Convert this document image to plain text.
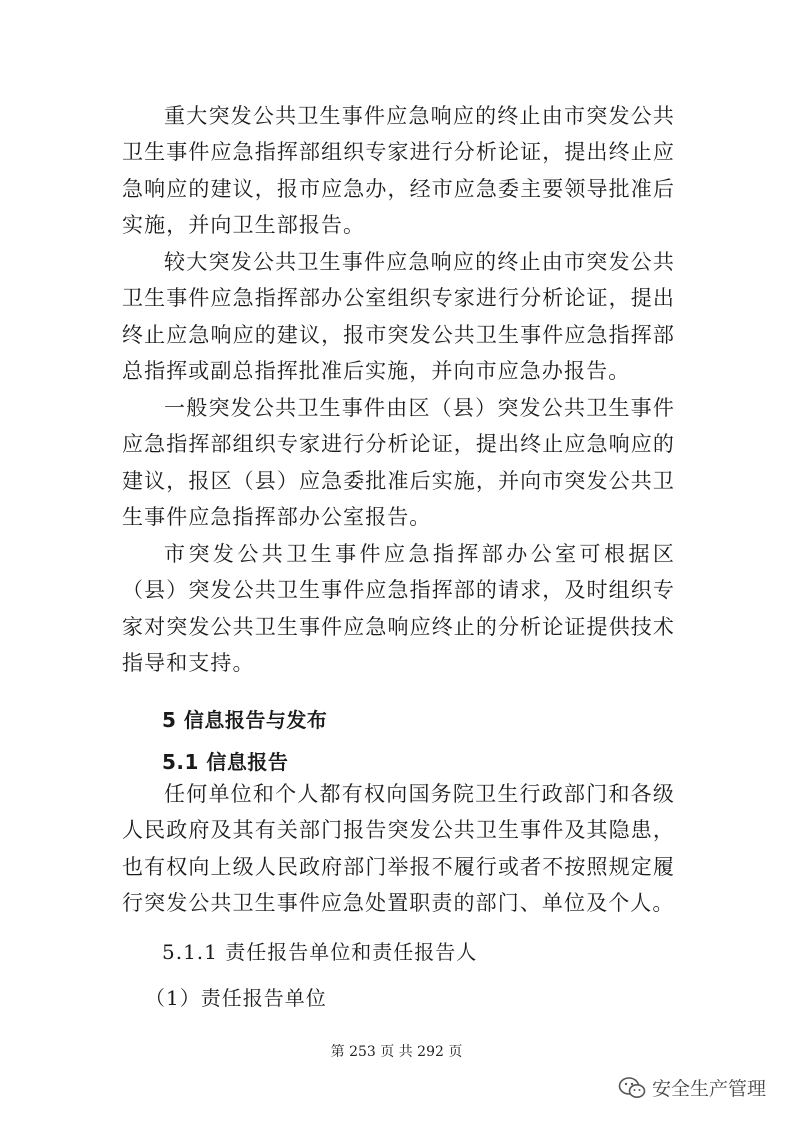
重大突发公共卫生事件应急响应的终止由市突发公共卫生事件应急指挥部组织专家进行分析论证，提出终止应急响应的建议，报市应急办，经市应急委主要领导批准后实施，并向卫生部报告。

较大突发公共卫生事件应急响应的终止由市突发公共卫生事件应急指挥部办公室组织专家进行分析论证，提出终止应急响应的建议，报市突发公共卫生事件应急指挥部总指挥或副总指挥批准后实施，并向市应急办报告。

一般突发公共卫生事件由区（县）突发公共卫生事件应急指挥部组织专家进行分析论证，提出终止应急响应的建议，报区（县）应急委批准后实施，并向市突发公共卫生事件应急指挥部办公室报告。

市突发公共卫生事件应急指挥部办公室可根据区（县）突发公共卫生事件应急指挥部的请求，及时组织专家对突发公共卫生事件应急响应终止的分析论证提供技术指导和支持。

5 信息报告与发布

5.1 信息报告

任何单位和个人都有权向国务院卫生行政部门和各级人民政府及其有关部门报告突发公共卫生事件及其隐患，也有权向上级人民政府部门举报不履行或者不按照规定履行突发公共卫生事件应急处置职责的部门、单位及个人。

5.1.1 责任报告单位和责任报告人

（1）责任报告单位

第 253 页 共 292 页
安全生产管理
